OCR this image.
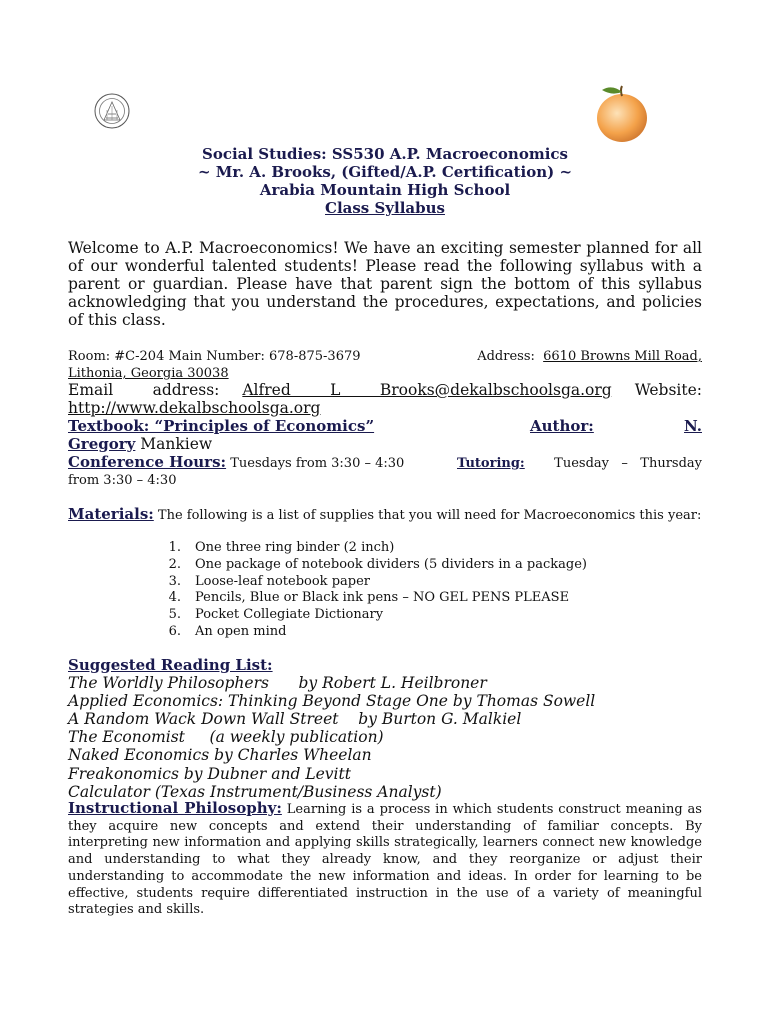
Social Studies: SS530 A.P. Macroeconomics
~ Mr. A. Brooks, (Gifted/A.P. Certification) ~
Arabia Mountain High School
Class Syllabus
Welcome to A.P. Macroeconomics! We have an exciting semester planned for all of our wonderful talented students! Please read the following syllabus with a parent or guardian. Please have that parent sign the bottom of this syllabus acknowledging that you understand the procedures, expectations, and policies of this class.
Room: #C-204 Main Number: 678-875-3679	Address: 6610 Browns Mill Road,
Lithonia, Georgia 30038
Email        address: Alfred        L        Brooks@dekalbschoolsga.org Website:
http://www.dekalbschoolsga.org
Textbook: “Principles of Economics”	Author:	N.
Gregory Mankiew
Conference Hours: Tuesdays from 3:30 – 4:30	Tutoring: Tuesday   –   Thursday
from 3:30 – 4:30
Materials: The following is a list of supplies that you will need for Macroeconomics this year:
1. One three ring binder (2 inch)
2. One package of notebook dividers (5 dividers in a package)
3. Loose-leaf notebook paper
4. Pencils, Blue or Black ink pens – NO GEL PENS PLEASE
5. Pocket Collegiate Dictionary
6. An open mind
Suggested Reading List:
The Worldly Philosophers      by Robert L. Heilbroner
Applied Economics: Thinking Beyond Stage One by Thomas Sowell
A Random Wack Down Wall Street    by Burton G. Malkiel
The Economist     (a weekly publication)
Naked Economics by Charles Wheelan
Freakonomics by Dubner and Levitt
Calculator (Texas Instrument/Business Analyst)
Instructional Philosophy: Learning is a process in which students construct meaning as they acquire new concepts and extend their understanding of familiar concepts. By interpreting new information and applying skills strategically, learners connect new knowledge and understanding to what they already know, and they reorganize or adjust their understanding to accommodate the new information and ideas. In order for learning to be effective, students require differentiated instruction in the use of a variety of meaningful strategies and skills.
